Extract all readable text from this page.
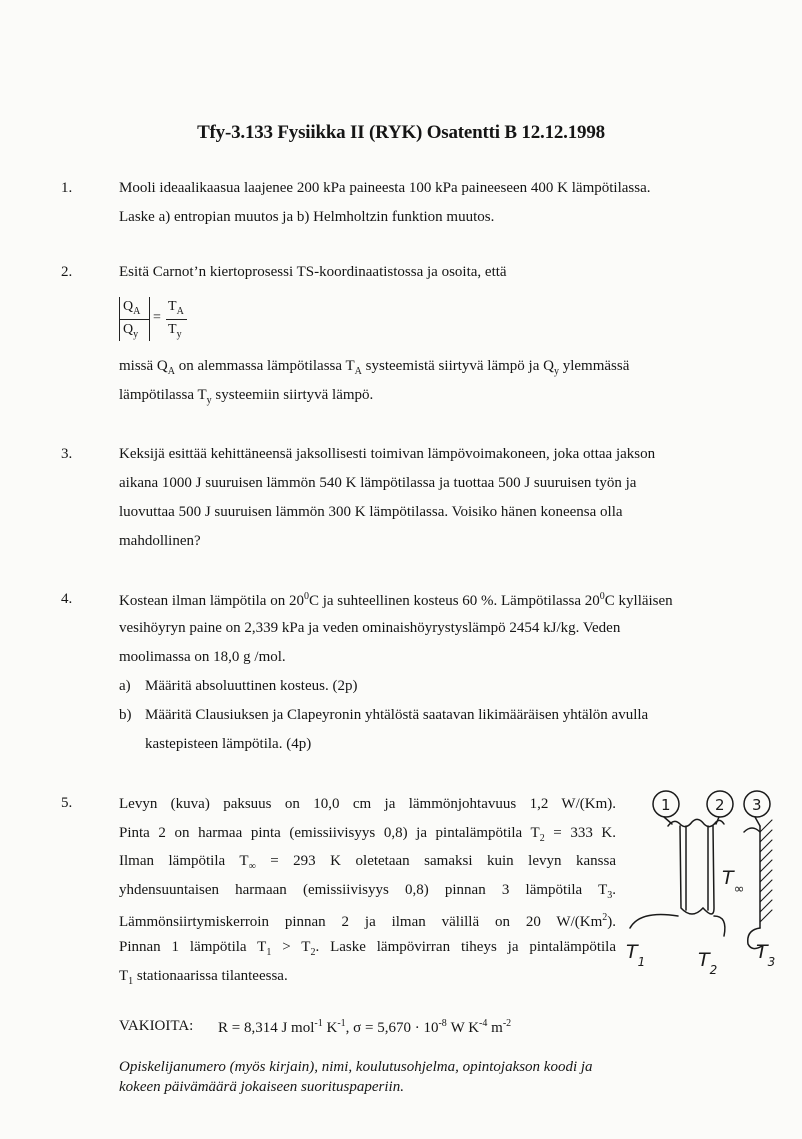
Tfy-3.133 Fysiikka II (RYK) Osatentti B 12.12.1998
1.	Mooli ideaalikaasua laajenee 200 kPa paineesta 100 kPa paineeseen 400 K lämpötilassa.
Laske a) entropian muutos ja b) Helmholtzin funktion muutos.
2.	Esitä Carnot’n kiertoprosessi TS-koordinaatistossa ja osoita, että
$Q_A$
$Q_y$
=
$T_A$
$T_y$
missä $Q_A$ on alemmassa lämpötilassa $T_A$ systeemistä siirtyvä lämpö ja $Q_y$ ylemmässä
lämpötilassa $T_y$ systeemiin siirtyvä lämpö.
3.	Keksijä esittää kehittäneensä jaksollisesti toimivan lämpövoimakoneen, joka ottaa jakson
aikana 1000 J suuruisen lämmön 540 K lämpötilassa ja tuottaa 500 J suuruisen työn ja
luovuttaa 500 J suuruisen lämmön 300 K lämpötilassa. Voisiko hänen koneensa olla
mahdollinen?
4.	Kostean ilman lämpötila on $20^0C$ ja suhteellinen kosteus 60 %. Lämpötilassa $20^0C$ kylläisen
vesihöyryn paine on 2,339 kPa ja veden ominaishöyrystyslämpö 2454 kJ/kg. Veden
moolimassa on 18,0 g /mol.
a) Määritä absoluuttinen kosteus. (2p)
b) Määritä Clausiuksen ja Clapeyronin yhtälöstä saatavan likimääräisen yhtälön avulla
kastepisteen lämpötila. (4p)
5.	Levyn (kuva) paksuus on 10,0 cm ja lämmönjohtavuus 1,2 W/(Km).
Pinta 2 on harmaa pinta (emissiivisyys 0,8) ja pintalämpötila $T_2 = 333$ K.
Ilman lämpötila $T_\infty = 293$ K oletetaan samaksi kuin levyn kanssa
yhdensuuntaisen harmaan (emissiivisyys 0,8) pinnan 3 lämpötila $T_3$.
Lämmönsiirtymiskerroin pinnan 2 ja ilman välillä on 20 W/(Km$^2$).
Pinnan 1 lämpötila $T_1 > T_2$. Laske lämpövirran tiheys ja pintalämpötila
$T_1$ stationaarissa tilanteessa.
1	2 3
$T_1$	$T_2$
$T_3$
$T_\infty$
VAKIOITA: R = 8,314 J mol$^{-1}$ $K^{-1}$, $\sigma = 5,670 \cdot 10^{-8}$ W $K^{-4}$ $m^{-2}$
Opiskelijanumero (myös kirjain), nimi, koulutusohjelma, opintojakson koodi ja
kokeen päivämäärä jokaiseen suorituspaperiin.
